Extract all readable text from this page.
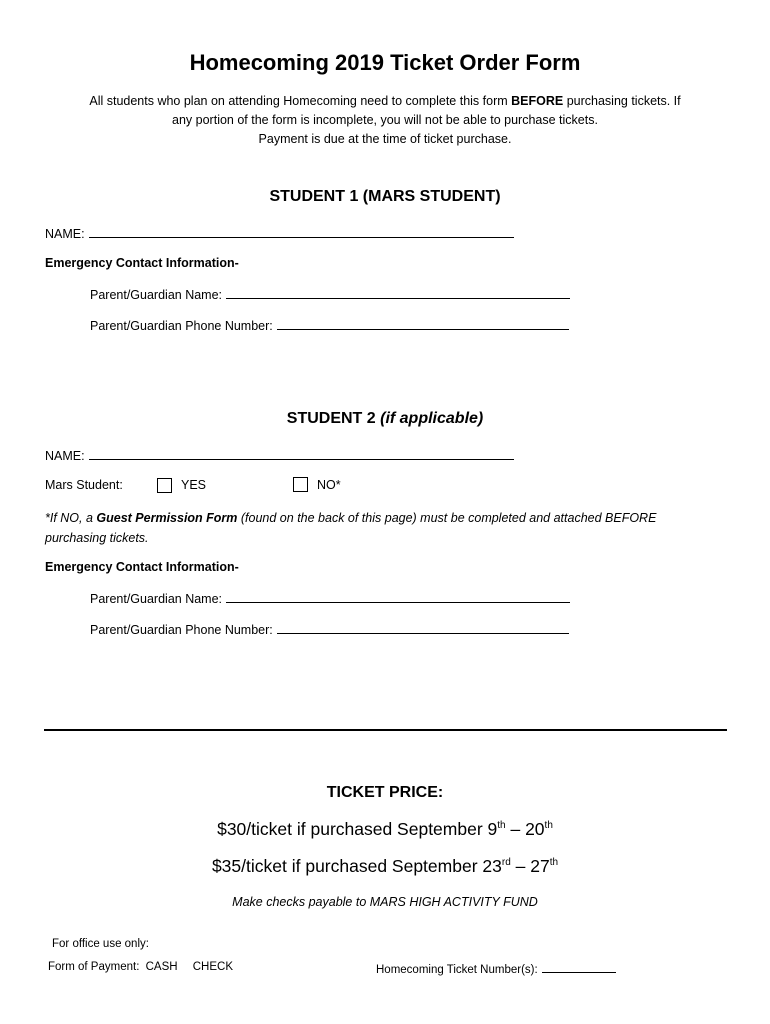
Homecoming 2019 Ticket Order Form
All students who plan on attending Homecoming need to complete this form BEFORE purchasing tickets. If
any portion of the form is incomplete, you will not be able to purchase tickets.
Payment is due at the time of ticket purchase.
STUDENT 1 (MARS STUDENT)
NAME:
Emergency Contact Information-
Parent/Guardian Name:
Parent/Guardian Phone Number:
STUDENT 2 (if applicable)
NAME:
Mars Student:	YES	NO*
*If NO, a Guest Permission Form (found on the back of this page) must be completed and attached BEFORE
purchasing tickets.
Emergency Contact Information-
Parent/Guardian Name:
Parent/Guardian Phone Number:
TICKET PRICE:
$30/ticket if purchased September 9th – 20th
$35/ticket if purchased September 23rd – 27th
Make checks payable to MARS HIGH ACTIVITY FUND
For office use only:
Form of Payment: CASH CHECK	Homecoming Ticket Number(s):
